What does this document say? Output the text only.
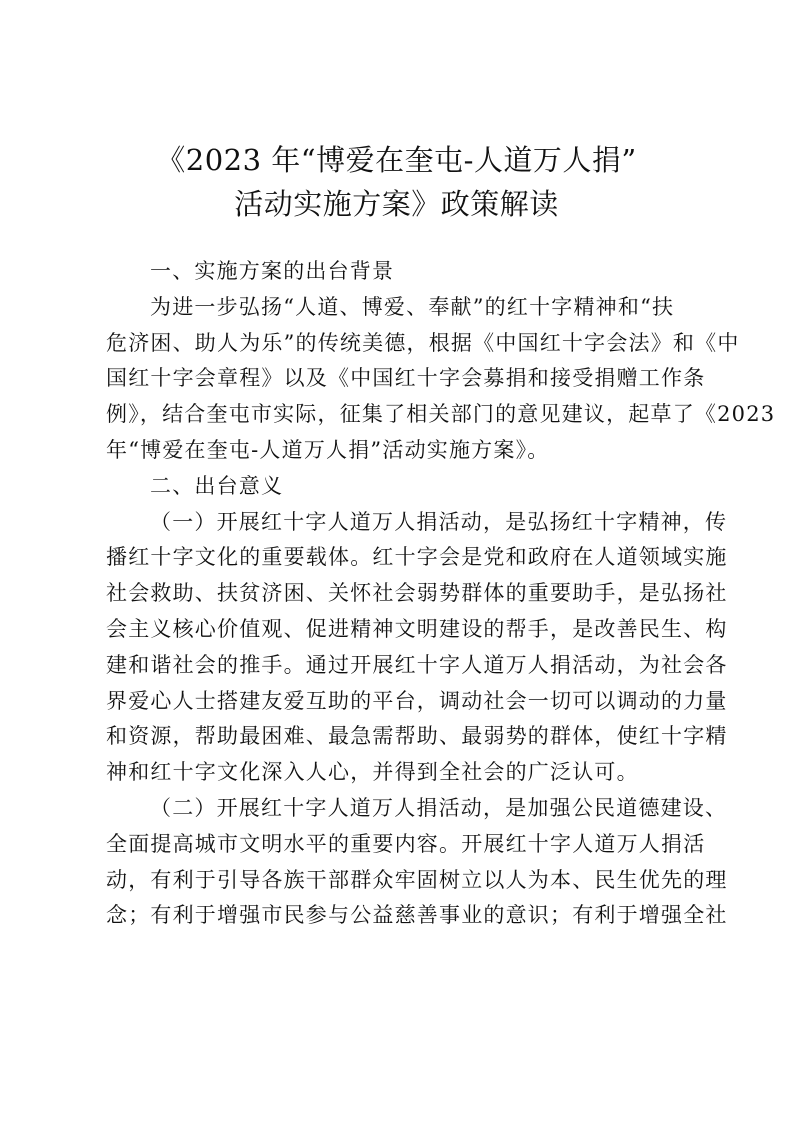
《2023 年“博爱在奎屯-人道万人捐”
活动实施方案》政策解读
一、实施方案的出台背景
为进一步弘扬“人道、博爱、奉献”的红十字精神和“扶
危济困、助人为乐”的传统美德，根据《中国红十字会法》和《中
国红十字会章程》以及《中国红十字会募捐和接受捐赠工作条
例》，结合奎屯市实际，征集了相关部门的意见建议，起草了《2023
年“博爱在奎屯-人道万人捐”活动实施方案》。
二、出台意义
（一）开展红十字人道万人捐活动，是弘扬红十字精神，传
播红十字文化的重要载体。红十字会是党和政府在人道领域实施
社会救助、扶贫济困、关怀社会弱势群体的重要助手，是弘扬社
会主义核心价值观、促进精神文明建设的帮手，是改善民生、构
建和谐社会的推手。通过开展红十字人道万人捐活动，为社会各
界爱心人士搭建友爱互助的平台，调动社会一切可以调动的力量
和资源，帮助最困难、最急需帮助、最弱势的群体，使红十字精
神和红十字文化深入人心，并得到全社会的广泛认可。
（二）开展红十字人道万人捐活动，是加强公民道德建设、
全面提高城市文明水平的重要内容。开展红十字人道万人捐活
动，有利于引导各族干部群众牢固树立以人为本、民生优先的理
念；有利于增强市民参与公益慈善事业的意识；有利于增强全社
